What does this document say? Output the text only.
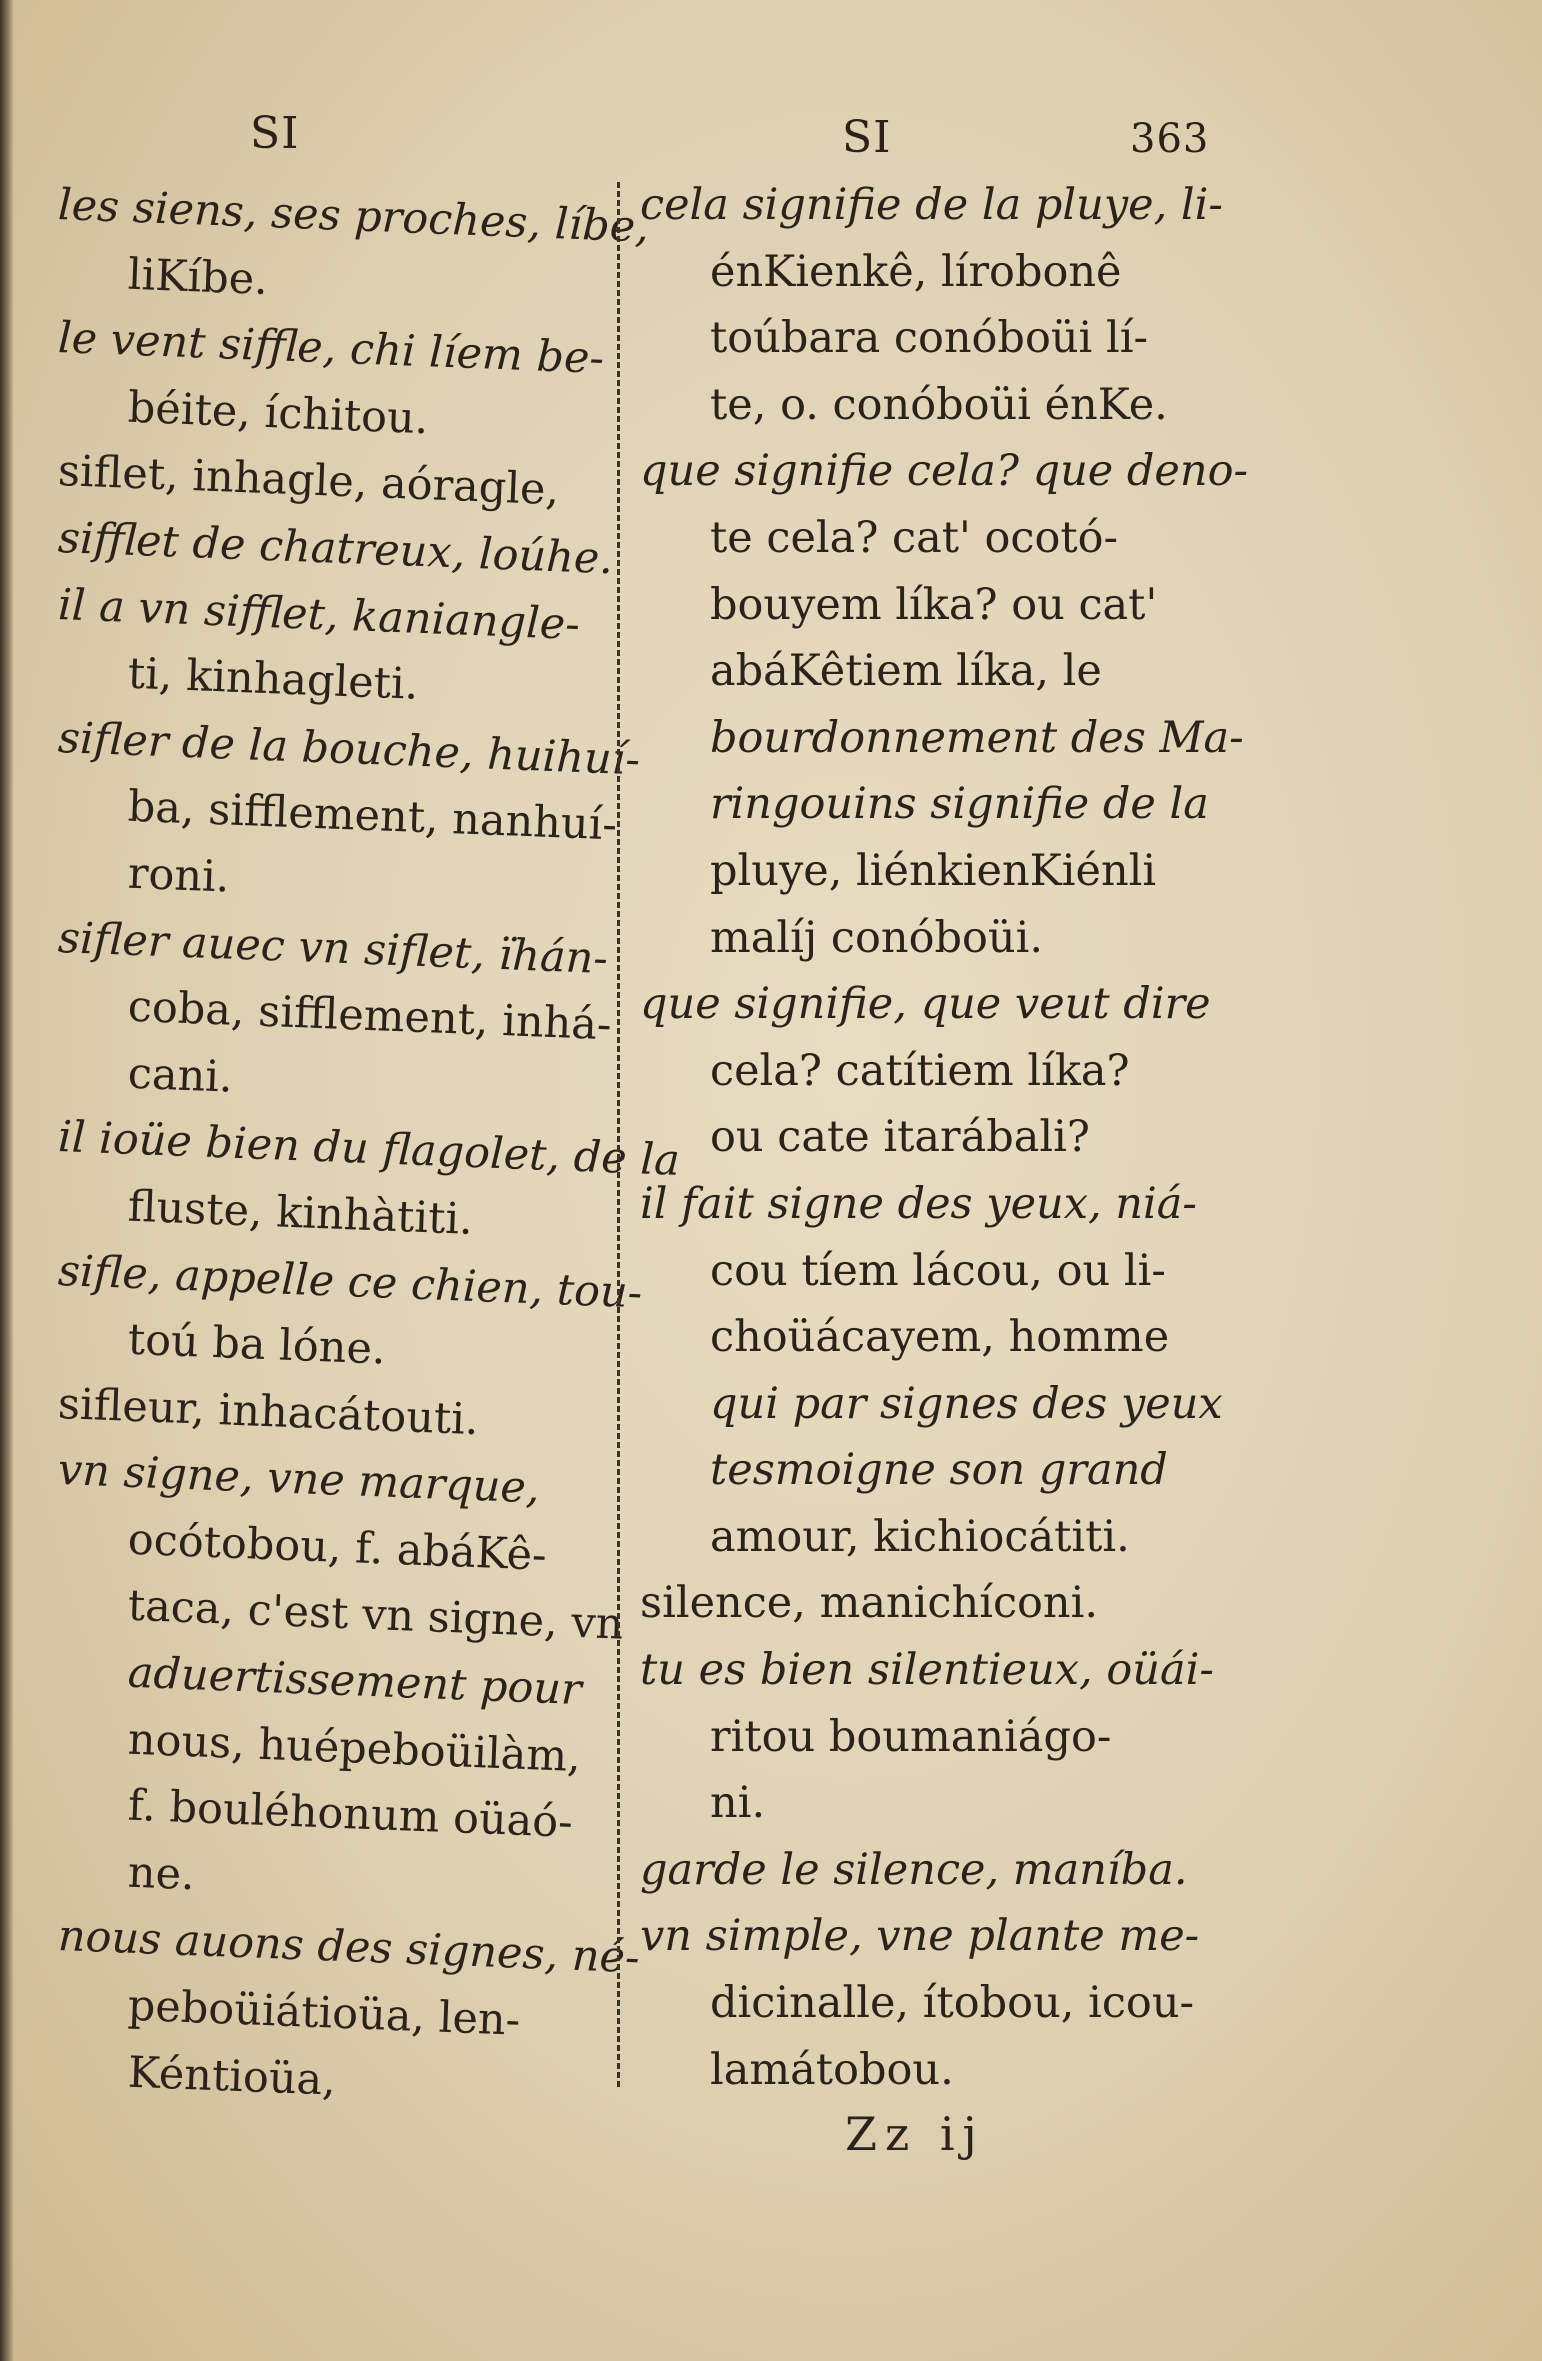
SI	SI	363
les siens, ses proches, líbe,
liKíbe.
le vent siffle, chi líem be-
béite, íchitou.
siflet, inhagle, aóragle,
sifflet de chatreux, loúhe.
il a vn sifflet, kaniangle-
ti, kinhagleti.
sifler de la bouche, huihuí-
ba, sifflement, nanhuí-
roni.
sifler auec vn siflet, ïhán-
coba, sifflement, inhá-
cani.
il ioüe bien du flagolet, de la
fluste, kinhàtiti.
sifle, appelle ce chien, tou-
toú ba lóne.
sifleur, inhacátouti.
vn signe, vne marque,
ocótobou, f. abáKê-
taca, c'est vn signe, vn
aduertissement pour
nous, huépeboüilàm,
f. bouléhonum oüaó-
ne.
nous auons des signes, né-
peboüiátioüa, len-
Kéntioüa,
cela signifie de la pluye, li-
énKienkê, lírobonê
toúbara conóboüi lí-
te, o. conóboüi énKe.
que signifie cela? que deno-
te cela? cat' ocotó-
bouyem líka? ou cat'
abáKêtiem líka, le
bourdonnement des Ma-
ringouins signifie de la
pluye, liénkienKiénli
malíj conóboüi.
que signifie, que veut dire
cela? catítiem líka?
ou cate itarábali?
il fait signe des yeux, niá-
cou tíem lácou, ou li-
choüácayem, homme
qui par signes des yeux
tesmoigne son grand
amour, kichiocátiti.
silence, manichíconi.
tu es bien silentieux, oüái-
ritou boumaniágo-
ni.
garde le silence, maníba.
vn simple, vne plante me-
dicinalle, ítobou, icou-
lamátobou.
Zz ij
